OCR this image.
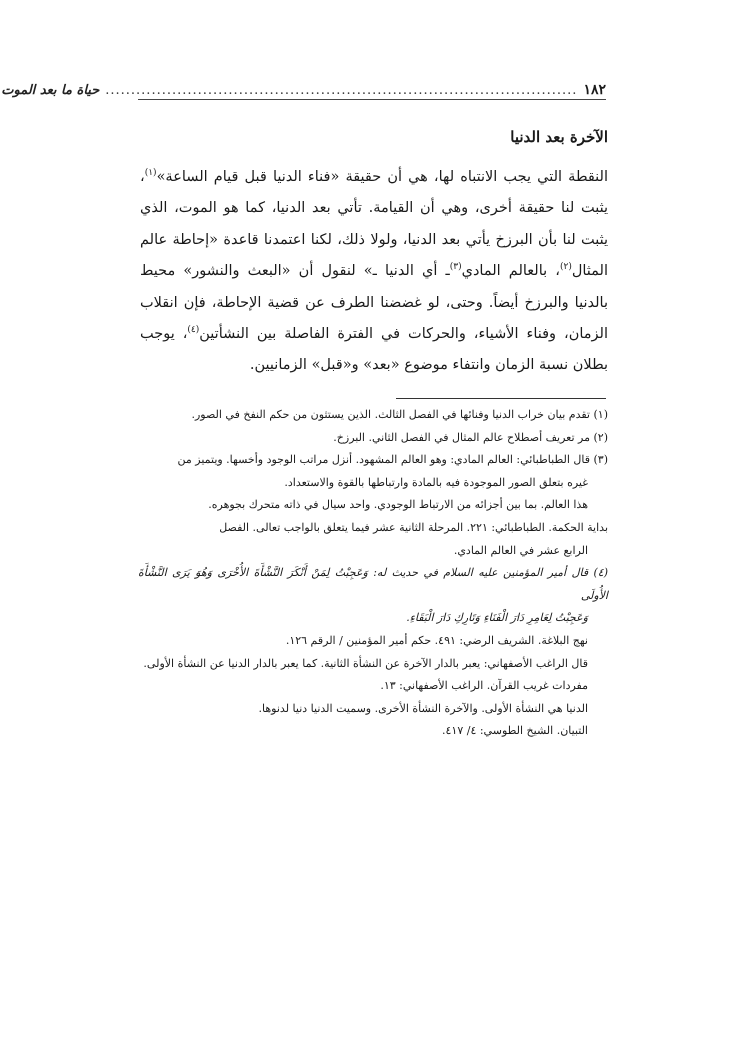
١٨٢
............................................................................................
حياة ما بعد الموت
الآخرة بعد الدنيا

النقطة التي يجب الانتباه لها، هي أن حقيقة «فناء الدنيا قبل قيام الساعة»$^{(١)}$، يثبت لنا حقيقة أخرى، وهي أن القيامة. تأتي بعد الدنيا، كما هو الموت، الذي يثبت لنا بأن البرزخ يأتي بعد الدنيا، ولولا ذلك، لكنا اعتمدنا قاعدة «إحاطة عالم المثال$^{(٢)}$، بالعالم المادي$^{(٣)}$ـ أي الدنيا ـ» لنقول أن «البعث والنشور» محيط بالدنيا والبرزخ أيضاً. وحتى، لو غضضنا الطرف عن قضية الإحاطة، فإن انقلاب الزمان، وفناء الأشياء، والحركات في الفترة الفاصلة بين النشأتين$^{(٤)}$، يوجب بطلان نسبة الزمان وانتفاء موضوع «بعد» و«قبل» الزمانيين.

(١) تقدم بيان خراب الدنيا وفنائها في الفصل الثالث. الذين يستثون من حكم النفخ في الصور.

(٢) مر تعريف أصطلاح عالم المثال في الفصل الثاني. البرزخ.

(٣) قال الطباطبائي: العالم المادي: وهو العالم المشهود. أنزل مراتب الوجود وأخسها. ويتميز من

غيره بتعلق الصور الموجودة فيه بالمادة وارتباطها بالقوة والاستعداد.

هذا العالم. بما بين أجزائه من الارتباط الوجودي. واحد سيال في ذاته متحرك بجوهره.

بداية الحكمة. الطباطبائي: ٢٢١. المرحلة الثانية عشر فيما يتعلق بالواجب تعالى. الفصل

الرابع عشر في العالم المادي.

(٤) قال أمير المؤمنين عليه السلام في حديث له: وَعَجِبْتُ لِمَنْ أَنْكَرَ النَّشْأَةَ الأُخْرَى وَهُوَ يَرَى النَّشْأَةَ الأُولَى

وَعَجِبْتُ لِعَامِرِ دَارَ الْفَنَاءِ وَتَارِكِ دَارَ الْبَقَاءِ.

نهج البلاغة. الشريف الرضي: ٤٩١. حكم أمير المؤمنين / الرقم ١٢٦.

قال الراغب الأصفهاني: يعبر بالدار الآخرة عن النشأة الثانية. كما يعبر بالدار الدنيا عن النشأة الأولى.

مفردات غريب القرآن. الراغب الأصفهاني: ١٣.

الدنيا هي النشأة الأولى. والآخرة النشأة الأخرى. وسميت الدنيا دنيا لدنوها.

التبيان. الشيخ الطوسي: ٤/ ٤١٧.
